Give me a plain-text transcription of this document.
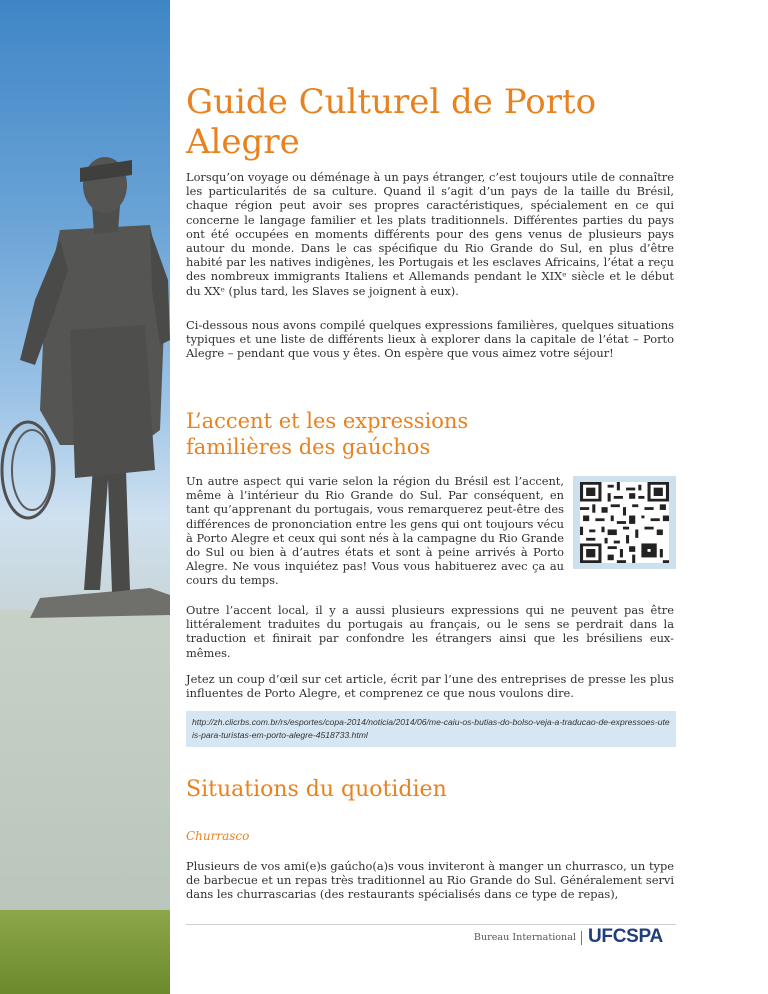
Guide Culturel de Porto Alegre

Lorsqu’on voyage ou déménage à un pays étranger, c’est toujours utile de connaître les particularités de sa culture. Quand il s’agit d’un pays de la taille du Brésil, chaque région peut avoir ses propres caractéristiques, spécialement en ce qui concerne le langage familier et les plats traditionnels. Différentes parties du pays ont été occupées en moments différents pour des gens venus de plusieurs pays autour du monde. Dans le cas spécifique du Rio Grande do Sul, en plus d’être habité par les natives indigènes, les Portugais et les esclaves Africains, l’état a reçu des nombreux immigrants Italiens et Allemands pendant le XIXᵉ siècle et le début du XXᵉ (plus tard, les Slaves se joignent à eux).

Ci-dessous nous avons compilé quelques expressions familières, quelques situations typiques et une liste de différents lieux à explorer dans la capitale de l’état – Porto Alegre – pendant que vous y êtes. On espère que vous aimez votre séjour!

L’accent et les expressions familières des gaúchos

Un autre aspect qui varie selon la région du Brésil est l’accent, même à l’intérieur du Rio Grande do Sul. Par conséquent, en tant qu’apprenant du portugais, vous remarquerez peut-être des différences de prononciation entre les gens qui ont toujours vécu à Porto Alegre et ceux qui sont nés à la campagne du Rio Grande do Sul ou bien à d’autres états et sont à peine arrivés à Porto Alegre. Ne vous inquiétez pas! Vous vous habituerez avec ça au cours du temps.

Outre l’accent local, il y a aussi plusieurs expressions qui ne peuvent pas être littéralement traduites du portugais au français, ou le sens se perdrait dans la traduction et finirait par confondre les étrangers ainsi que les brésiliens eux-mêmes.

Jetez un coup d’œil sur cet article, écrit par l’une des entreprises de presse les plus influentes de Porto Alegre, et comprenez ce que nous voulons dire.

http://zh.clicrbs.com.br/rs/esportes/copa-2014/noticia/2014/06/me-caiu-os-butias-do-bolso-veja-a-traducao-de-expressoes-uteis-para-turistas-em-porto-alegre-4518733.html

Situations du quotidien

Churrasco

Plusieurs de vos ami(e)s gaúcho(a)s vous inviteront à manger un churrasco, un type de barbecue et un repas très traditionnel au Rio Grande do Sul. Généralement servi dans les churrascarias (des restaurants spécialisés dans ce type de repas),

Bureau International UFCSPA
